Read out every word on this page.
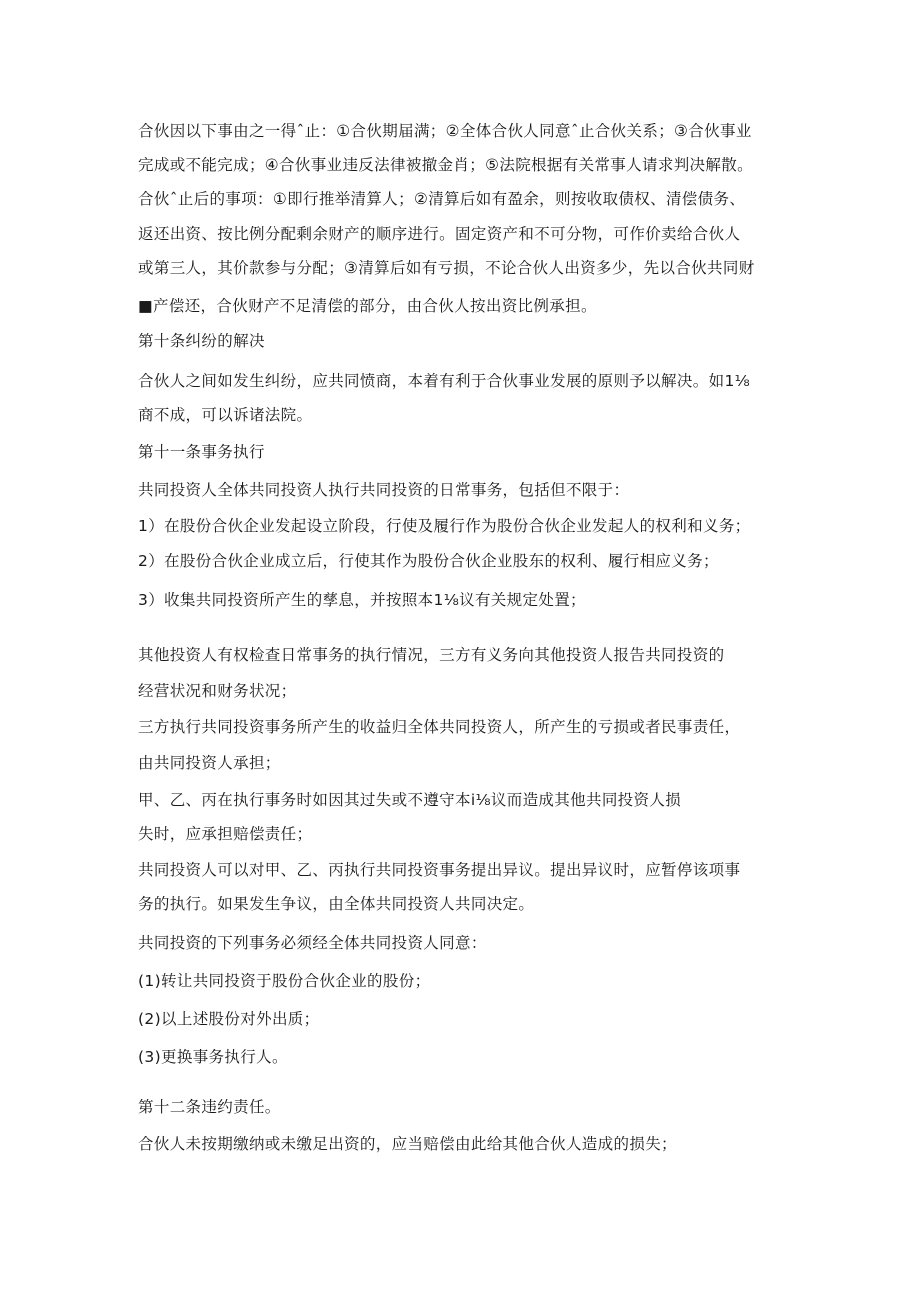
合伙因以下事由之一得ˆ止：①合伙期届满；②全体合伙人同意ˆ止合伙关系；③合伙事业
完成或不能完成；④合伙事业违反法律被撤金肖；⑤法院根据有关常事人请求判决解散。
合伙ˆ止后的事项：①即行推举清算人；②清算后如有盈余，则按收取债权、清偿债务、
返还出资、按比例分配剩余财产的顺序进行。固定资产和不可分物，可作价卖给合伙人
或第三人，其价款参与分配；③清算后如有亏损，不论合伙人出资多少，先以合伙共同财
■产偿还，合伙财产不足清偿的部分，由合伙人按出资比例承担。
第十条纠纷的解决
合伙人之间如发生纠纷，应共同愤商，本着有利于合伙事业发展的原则予以解决。如1⅛
商不成，可以诉诸法院。
第十一条事务执行
共同投资人全体共同投资人执行共同投资的日常事务，包括但不限于：
1）在股份合伙企业发起设立阶段，行使及履行作为股份合伙企业发起人的权利和义务；
2）在股份合伙企业成立后，行使其作为股份合伙企业股东的权利、履行相应义务；
3）收集共同投资所产生的孳息，并按照本1⅛议有关规定处置；
其他投资人有权检查日常事务的执行情况，三方有义务向其他投资人报告共同投资的
经营状况和财务状况；
三方执行共同投资事务所产生的收益归全体共同投资人，所产生的亏损或者民事责任，
由共同投资人承担；
甲、乙、丙在执行事务时如因其过失或不遵守本i⅛议而造成其他共同投资人损
失时，应承担赔偿责任；
共同投资人可以对甲、乙、丙执行共同投资事务提出异议。提出异议时，应暂停该项事
务的执行。如果发生争议，由全体共同投资人共同决定。
共同投资的下列事务必须经全体共同投资人同意：
(1)转让共同投资于股份合伙企业的股份；
(2)以上述股份对外出质；
(3)更换事务执行人。
第十二条违约责任。
合伙人未按期缴纳或未缴足出资的，应当赔偿由此给其他合伙人造成的损失；
